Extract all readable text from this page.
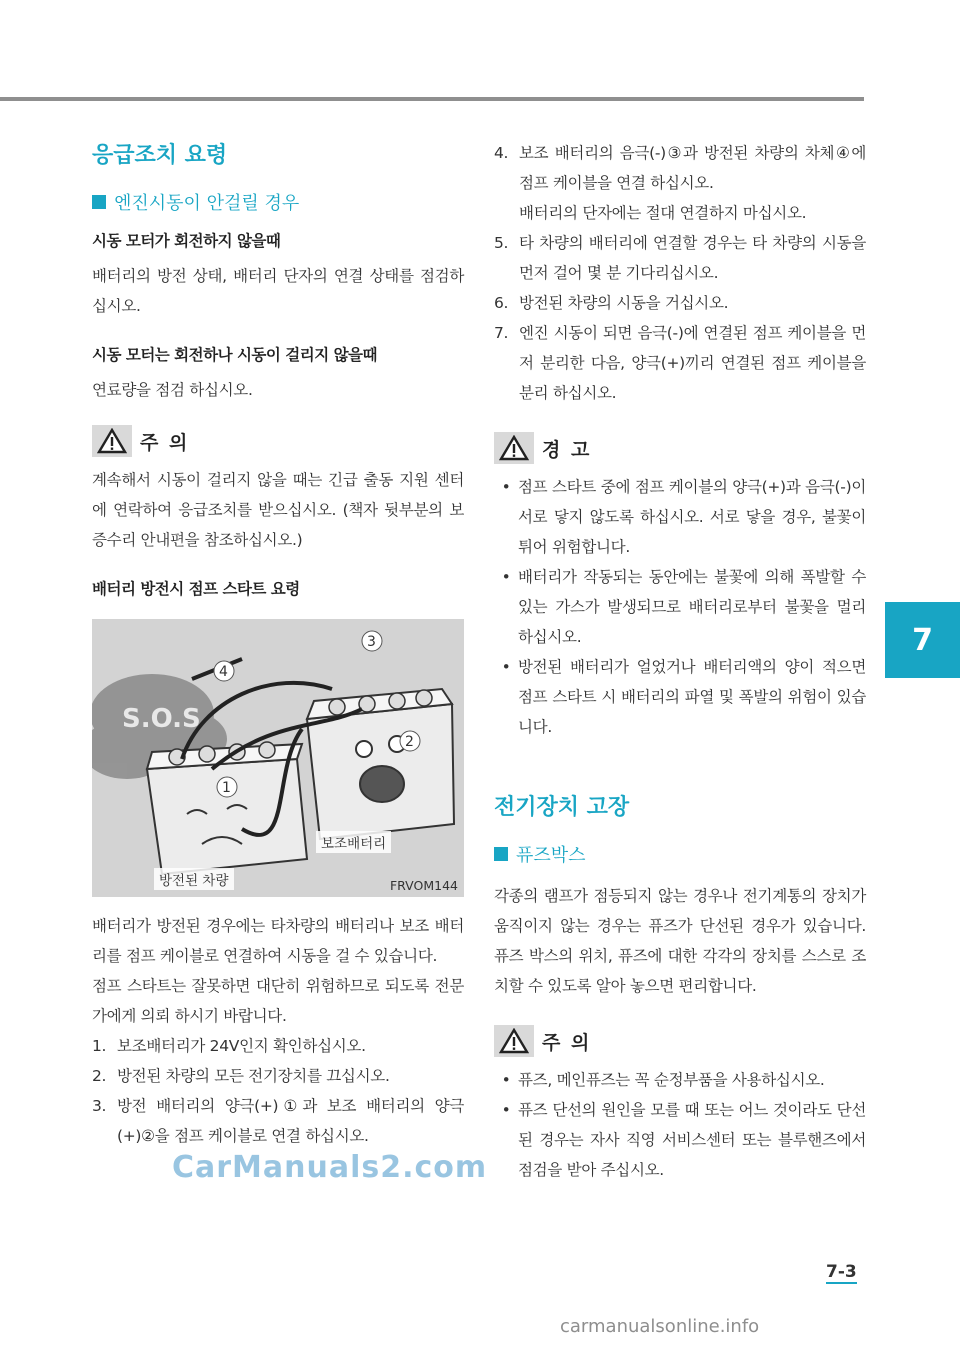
응급조치 요령
엔진시동이 안걸릴 경우
시동 모터가 회전하지 않을때

배터리의 방전 상태, 배터리 단자의 연결 상태를 점검하십시오.

시동 모터는 회전하나 시동이 걸리지 않을때

연료량을 점검 하십시오.

주 의

계속해서 시동이 걸리지 않을 때는 긴급 출동 지원 센터에 연락하여 응급조치를 받으십시오. (책자 뒷부분의 보증수리 안내편을 참조하십시오.)

배터리 방전시 점프 스타트 요령
S.O.S
1
2
3
4
보조배터리
방전된 차량	FRVOM144

배터리가 방전된 경우에는 타차량의 배터리나 보조 배터리를 점프 케이블로 연결하여 시동을 걸 수 있습니다.

점프 스타트는 잘못하면 대단히 위험하므로 되도록 전문가에게 의뢰 하시기 바랍니다.

1. 보조배터리가 24V인지 확인하십시오.
2. 방전된 차량의 모든 전기장치를 끄십시오.
3. 방전 배터리의 양극(+)①과 보조 배터리의 양극(+)②을 점프 케이블로 연결 하십시오.
4. 보조 배터리의 음극(-)③과 방전된 차량의 차체④에 점프 케이블을 연결 하십시오.
배터리의 단자에는 절대 연결하지 마십시오.
5. 타 차량의 배터리에 연결할 경우는 타 차량의 시동을 먼저 걸어 몇 분 기다리십시오.
6. 방전된 차량의 시동을 거십시오.
7. 엔진 시동이 되면 음극(-)에 연결된 점프 케이블을 먼저 분리한 다음, 양극(+)끼리 연결된 점프 케이블을 분리 하십시오.
경 고
• 점프 스타트 중에 점프 케이블의 양극(+)과 음극(-)이 서로 닿지 않도록 하십시오. 서로 닿을 경우, 불꽃이 튀어 위험합니다.
• 배터리가 작동되는 동안에는 불꽃에 의해 폭발할 수 있는 가스가 발생되므로 배터리로부터 불꽃을 멀리 하십시오.
• 방전된 배터리가 얼었거나 배터리액의 양이 적으면 점프 스타트 시 배터리의 파열 및 폭발의 위험이 있습니다.
전기장치 고장
퓨즈박스

각종의 램프가 점등되지 않는 경우나 전기계통의 장치가 움직이지 않는 경우는 퓨즈가 단선된 경우가 있습니다. 퓨즈 박스의 위치, 퓨즈에 대한 각각의 장치를 스스로 조치할 수 있도록 알아 놓으면 편리합니다.

주 의
• 퓨즈, 메인퓨즈는 꼭 순정부품을 사용하십시오.
• 퓨즈 단선의 원인을 모를 때 또는 어느 것이라도 단선된 경우는 자사 직영 서비스센터 또는 블루핸즈에서 점검을 받아 주십시오.
7
7-3
CarManuals2.com
carmanualsonline.info
